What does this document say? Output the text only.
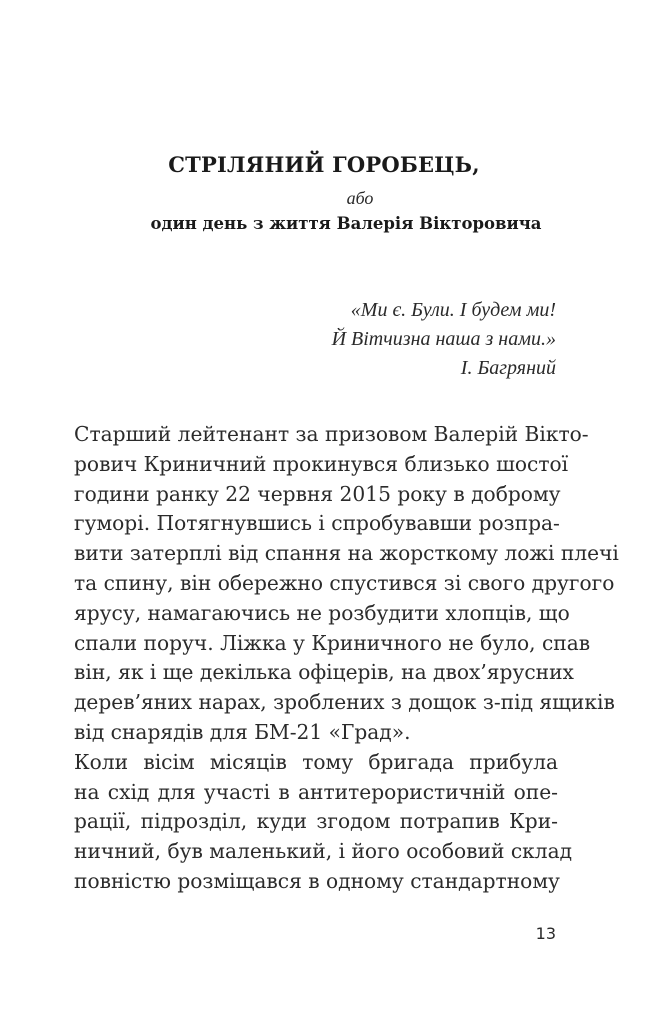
СТРІЛЯНИЙ ГОРОБЕЦЬ,
або
один день з життя Валерія Вікторовича
«Ми є. Були. І будем ми!
Й Вітчизна наша з нами.»
І. Багряний
Старший лейтенант за призовом Валерій Вікто-
рович Криничний прокинувся близько шостої
години ранку 22 червня 2015 року в доброму
гуморі. Потягнувшись і спробувавши розпра-
вити затерплі від спання на жорсткому ложі плечі
та спину, він обережно спустився зі свого другого
ярусу, намагаючись не розбудити хлопців, що
спали поруч. Ліжка у Криничного не було, спав
він, як і ще декілька офіцерів, на двох’ярусних
дерев’яних нарах, зроблених з дощок з-під ящиків
від снарядів для БМ-21 «Град».
Коли вісім місяців тому бригада прибула
на схід для участі в антитерористичній опе-
рації, підрозділ, куди згодом потрапив Кри-
ничний, був маленький, і його особовий склад
повністю розміщався в одному стандартному
13
